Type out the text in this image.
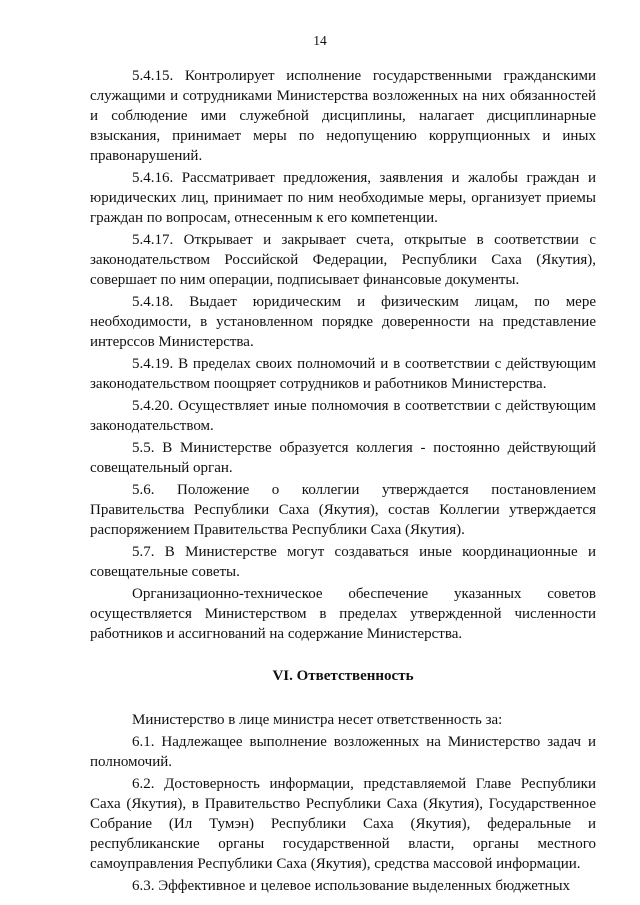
14

5.4.15. Контролирует исполнение государственными гражданскими служащими и сотрудниками Министерства возложенных на них обязанностей и соблюдение ими служебной дисциплины, налагает дисциплинарные взыскания, принимает меры по недопущению коррупционных и иных правонарушений.

5.4.16. Рассматривает предложения, заявления и жалобы граждан и юридических лиц, принимает по ним необходимые меры, организует приемы граждан по вопросам, отнесенным к его компетенции.

5.4.17. Открывает и закрывает счета, открытые в соответствии с законодательством Российской Федерации, Республики Саха (Якутия), совершает по ним операции, подписывает финансовые документы.

5.4.18. Выдает юридическим и физическим лицам, по мере необходимости, в установленном порядке доверенности на представление интерссов Министерства.

5.4.19. В пределах своих полномочий и в соответствии с действующим законодательством поощряет сотрудников и работников Министерства.

5.4.20. Осуществляет иные полномочия в соответствии с действующим законодательством.

5.5. В Министерстве образуется коллегия - постоянно действующий совещательный орган.

5.6. Положение о коллегии утверждается постановлением Правительства Республики Саха (Якутия), состав Коллегии утверждается распоряжением Правительства Республики Саха (Якутия).

5.7. В Министерстве могут создаваться иные координационные и совещательные советы.

Организационно-техническое обеспечение указанных советов осуществляется Министерством в пределах утвержденной численности работников и ассигнований на содержание Министерства.

VI. Ответственность

Министерство в лице министра несет ответственность за:

6.1. Надлежащее выполнение возложенных на Министерство задач и полномочий.

6.2. Достоверность информации, представляемой Главе Республики Саха (Якутия), в Правительство Республики Саха (Якутия), Государственное Собрание (Ил Тумэн) Республики Саха (Якутия), федеральные и республиканские органы государственной власти, органы местного самоуправления Республики Саха (Якутия), средства массовой информации.

6.3. Эффективное и целевое использование выделенных бюджетных
